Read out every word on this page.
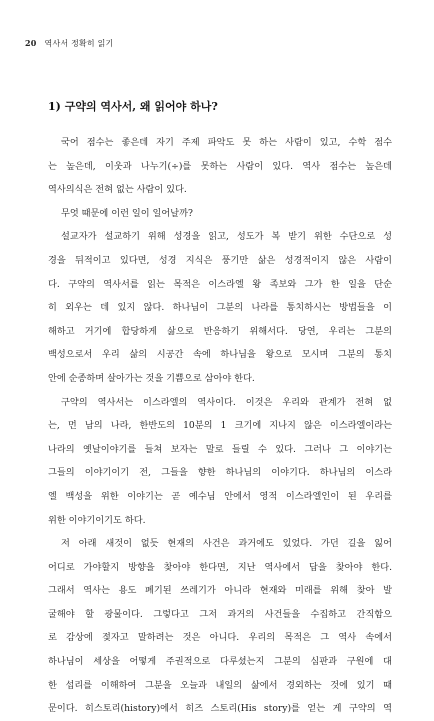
20 역사서 정확히 읽기
1) 구약의 역사서, 왜 읽어야 하나?
국어 점수는 좋은데 자기 주제 파악도 못 하는 사람이 있고, 수학 점수
는 높은데, 이웃과 나누기(÷)를 못하는 사람이 있다. 역사 점수는 높은데
역사의식은 전혀 없는 사람이 있다.
무엇 때문에 이런 일이 일어날까?
설교자가 설교하기 위해 성경을 읽고, 성도가 복 받기 위한 수단으로 성
경을 뒤적이고 있다면, 성경 지식은 풍기만 삶은 성경적이지 않은 사람이
다. 구약의 역사서를 읽는 목적은 이스라엘 왕 족보와 그가 한 일을 단순
히 외우는 데 있지 않다. 하나님이 그분의 나라를 통치하시는 방법들을 이
해하고 거기에 합당하게 삶으로 반응하기 위해서다. 당연, 우리는 그분의
백성으로서 우리 삶의 시공간 속에 하나님을 왕으로 모시며 그분의 통치
안에 순종하며 살아가는 것을 기쁨으로 삼아야 한다.
구약의 역사서는 이스라엘의 역사이다. 이것은 우리와 관계가 전혀 없
는, 먼 남의 나라, 한반도의 10분의 1 크기에 지나지 않은 이스라엘이라는
나라의 옛날이야기를 들쳐 보자는 말로 들릴 수 있다. 그러나 그 이야기는
그들의 이야기이기 전, 그들을 향한 하나님의 이야기다. 하나님의 이스라
엘 백성을 위한 이야기는 곧 예수님 안에서 영적 이스라엘인이 된 우리를
위한 이야기이기도 하다.
저 아래 새것이 없듯 현재의 사건은 과거에도 있었다. 가던 길을 잃어
어디로 가야할지 방향을 찾아야 한다면, 지난 역사에서 답을 찾아야 한다.
그래서 역사는 용도 폐기된 쓰레기가 아니라 현재와 미래를 위해 찾아 발
굴해야 할 광물이다. 그렇다고 그저 과거의 사건들을 수집하고 간직함으
로 감상에 젖자고 말하려는 것은 아니다. 우리의 목적은 그 역사 속에서
하나님이 세상을 어떻게 주권적으로 다루셨는지 그분의 심판과 구원에 대
한 섭리를 이해하여 그분을 오늘과 내일의 삶에서 경외하는 것에 있기 때
문이다. 히스토리(history)에서 히즈 스토리(His story)를 얻는 게 구약의 역
